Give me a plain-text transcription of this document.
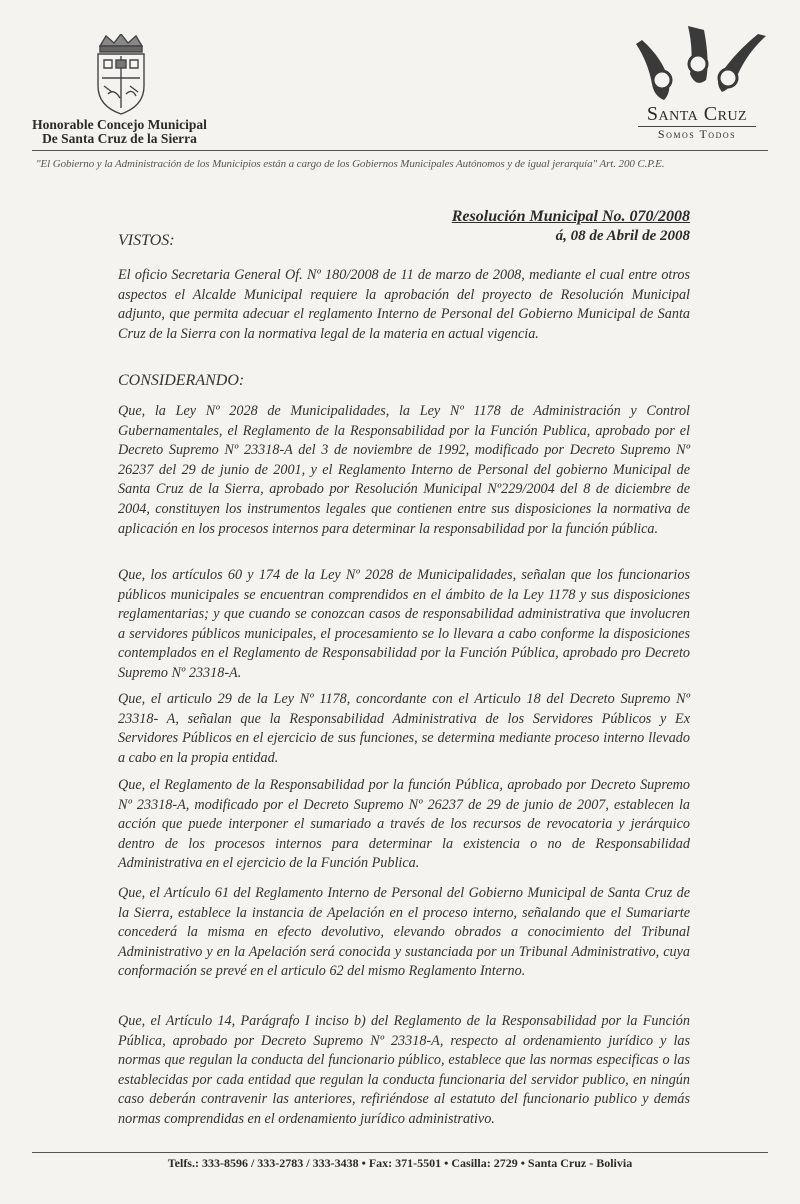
Honorable Concejo Municipal
De Santa Cruz de la Sierra
Santa Cruz
Somos Todos
"El Gobierno y la Administración de los Municipios están a cargo de los Gobiernos Municipales Autónomos y de igual jerarquía" Art. 200 C.P.E.
Resolución Municipal No. 070/2008
á, 08 de Abril de 2008
VISTOS:

El oficio Secretaria General Of. Nº 180/2008 de 11 de marzo de 2008, mediante el cual entre otros aspectos el Alcalde Municipal requiere la aprobación del proyecto de Resolución Municipal adjunto, que permita adecuar el reglamento Interno de Personal del Gobierno Municipal de Santa Cruz de la Sierra con la normativa legal de la materia en actual vigencia.

CONSIDERANDO:

Que, la Ley Nº 2028 de Municipalidades, la Ley Nº 1178 de Administración y Control Gubernamentales, el Reglamento de la Responsabilidad por la Función Publica, aprobado por el Decreto Supremo Nº 23318-A del 3 de noviembre de 1992, modificado por Decreto Supremo Nº 26237 del 29 de junio de 2001, y el Reglamento Interno de Personal del gobierno Municipal de Santa Cruz de la Sierra, aprobado por Resolución Municipal Nº229/2004 del 8 de diciembre de 2004, constituyen los instrumentos legales que contienen entre sus disposiciones la normativa de aplicación en los procesos internos para determinar la responsabilidad por la función pública.

Que, los artículos 60 y 174 de la Ley Nº 2028 de Municipalidades, señalan que los funcionarios públicos municipales se encuentran comprendidos en el ámbito de la Ley 1178 y sus disposiciones reglamentarias; y que cuando se conozcan casos de responsabilidad administrativa que involucren a servidores públicos municipales, el procesamiento se lo llevara a cabo conforme la disposiciones contemplados en el Reglamento de Responsabilidad por la Función Pública, aprobado pro Decreto Supremo Nº 23318-A.

Que, el articulo 29 de la Ley Nº 1178, concordante con el Articulo 18 del Decreto Supremo Nº 23318- A, señalan que la Responsabilidad Administrativa de los Servidores Públicos y Ex Servidores Públicos en el ejercicio de sus funciones, se determina mediante proceso interno llevado a cabo en la propia entidad.

Que, el Reglamento de la Responsabilidad por la función Pública, aprobado por Decreto Supremo Nº 23318-A, modificado por el Decreto Supremo Nº 26237 de 29 de junio de 2007, establecen la acción que puede interponer el sumariado a través de los recursos de revocatoria y jerárquico dentro de los procesos internos para determinar la existencia o no de Responsabilidad Administrativa en el ejercicio de la Función Publica.

Que, el Artículo 61 del Reglamento Interno de Personal del Gobierno Municipal de Santa Cruz de la Sierra, establece la instancia de Apelación en el proceso interno, señalando que el Sumariarte concederá la misma en efecto devolutivo, elevando obrados a conocimiento del Tribunal Administrativo y en la Apelación será conocida y sustanciada por un Tribunal Administrativo, cuya conformación se prevé en el articulo 62 del mismo Reglamento Interno.

Que, el Artículo 14, Parágrafo I inciso b) del Reglamento de la Responsabilidad por la Función Pública, aprobado por Decreto Supremo Nº 23318-A, respecto al ordenamiento jurídico y las normas que regulan la conducta del funcionario público, establece que las normas especificas o las establecidas por cada entidad que regulan la conducta funcionaria del servidor publico, en ningún caso deberán contravenir las anteriores, refiriéndose al estatuto del funcionario publico y demás normas comprendidas en el ordenamiento jurídico administrativo.

Telfs.: 333-8596 / 333-2783 / 333-3438 • Fax: 371-5501 • Casilla: 2729 • Santa Cruz - Bolivia
